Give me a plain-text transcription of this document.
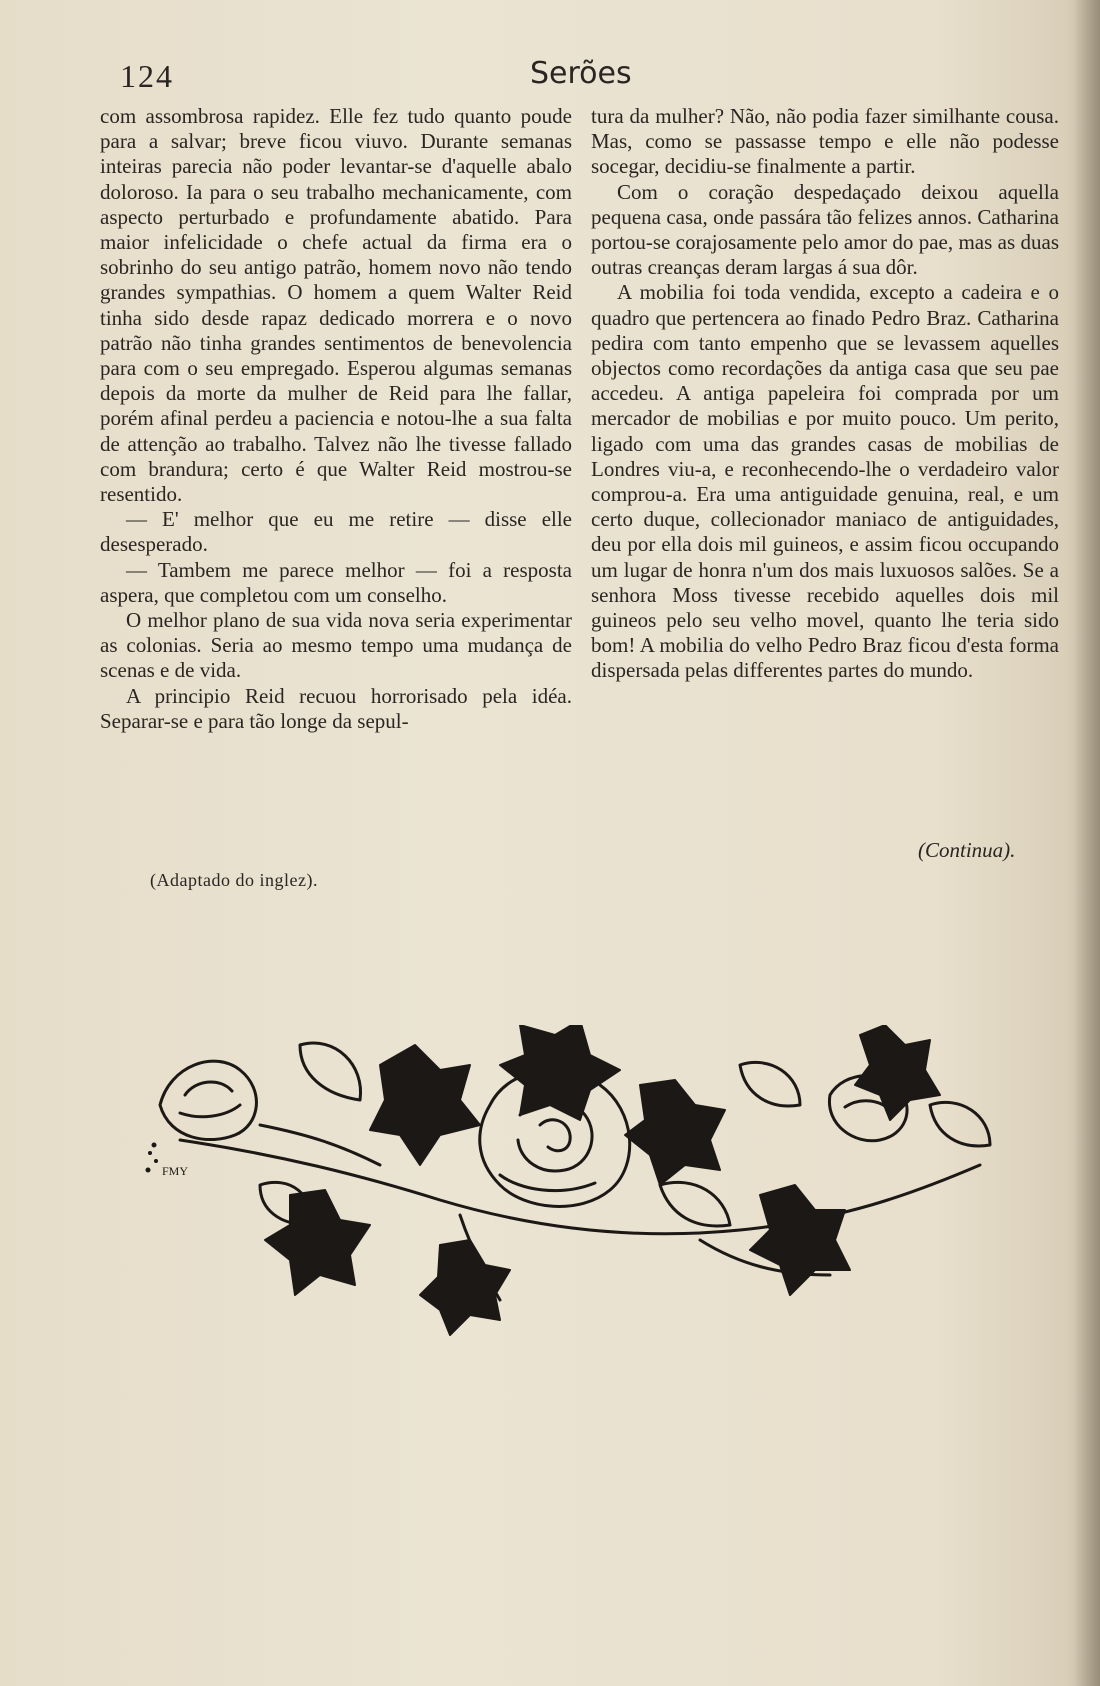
124	Serões

com assombrosa rapidez. Elle fez tudo quanto poude para a salvar; breve ficou viuvo. Durante semanas inteiras parecia não poder levantar-se d'aquelle abalo doloroso. Ia para o seu trabalho mechanicamente, com aspecto perturbado e profundamente abatido. Para maior infelicidade o chefe actual da firma era o sobrinho do seu antigo patrão, homem novo não tendo grandes sympathias. O homem a quem Walter Reid tinha sido desde rapaz dedicado morrera e o novo patrão não tinha grandes sentimentos de benevolencia para com o seu empregado. Esperou algumas semanas depois da morte da mulher de Reid para lhe fallar, porém afinal perdeu a paciencia e notou-lhe a sua falta de attenção ao trabalho. Talvez não lhe tivesse fallado com brandura; certo é que Walter Reid mostrou-se resentido.

— E' melhor que eu me retire — disse elle desesperado.

— Tambem me parece melhor — foi a resposta aspera, que completou com um conselho.

O melhor plano de sua vida nova seria experimentar as colonias. Seria ao mesmo tempo uma mudança de scenas e de vida.

A principio Reid recuou horrorisado pela idéa. Separar-se e para tão longe da sepul-

tura da mulher? Não, não podia fazer similhante cousa. Mas, como se passasse tempo e elle não podesse socegar, decidiu-se finalmente a partir.

Com o coração despedaçado deixou aquella pequena casa, onde passára tão felizes annos. Catharina portou-se corajosamente pelo amor do pae, mas as duas outras creanças deram largas á sua dôr.

A mobilia foi toda vendida, excepto a cadeira e o quadro que pertencera ao finado Pedro Braz. Catharina pedira com tanto empenho que se levassem aquelles objectos como recordações da antiga casa que seu pae accedeu. A antiga papeleira foi comprada por um mercador de mobilias e por muito pouco. Um perito, ligado com uma das grandes casas de mobilias de Londres viu-a, e reconhecendo-lhe o verdadeiro valor comprou-a. Era uma antiguidade genuina, real, e um certo duque, collecionador maniaco de antiguidades, deu por ella dois mil guineos, e assim ficou occupando um lugar de honra n'um dos mais luxuosos salões. Se a senhora Moss tivesse recebido aquelles dois mil guineos pelo seu velho movel, quanto lhe teria sido bom! A mobilia do velho Pedro Braz ficou d'esta forma dispersada pelas differentes partes do mundo.

(Continua).
(Adaptado do inglez).
FMY
